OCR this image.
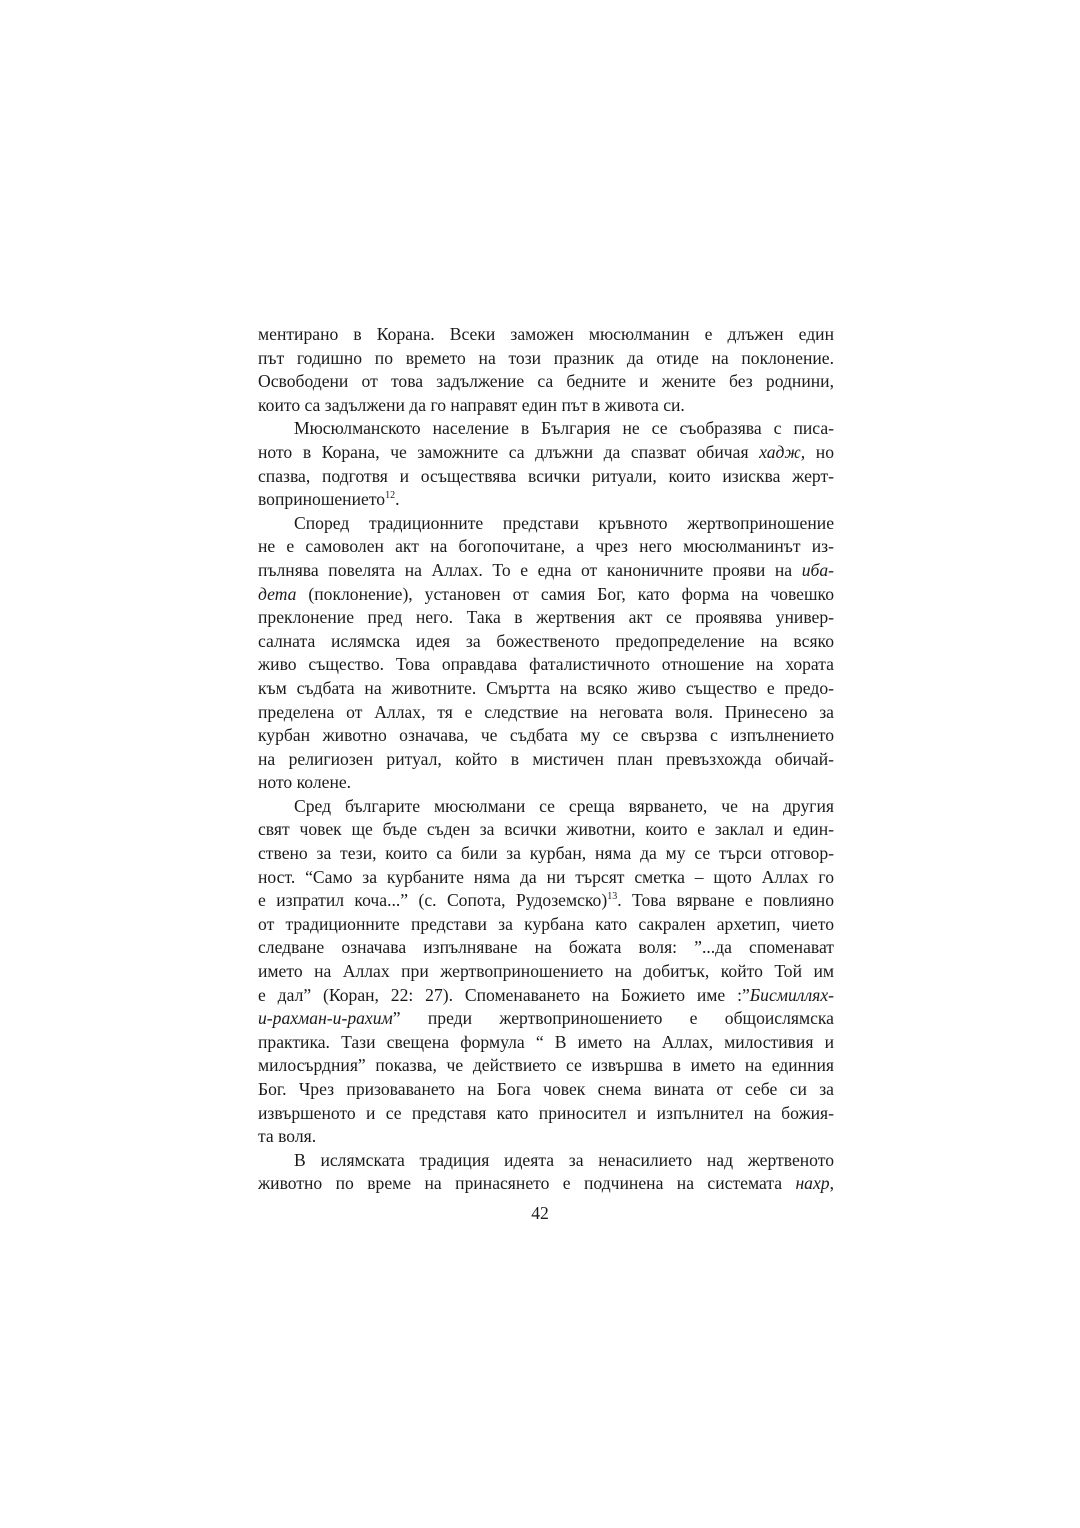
ментирано в Корана. Всеки заможен мюсюлманин е длъжен един
път годишно по времето на този празник да отиде на поклонение.
Освободени от това задължение са бедните и жените без роднини,
които са задължени да го направят един път в живота си.

Мюсюлманското население в България не се съобразява с писа-
ното в Корана, че заможните са длъжни да спазват обичая хадж, но
спазва, подготвя и осъществява всички ритуали, които изисква жерт-
воприношението$^{12}$.

Според традиционните представи кръвното жертвоприношение
не е самоволен акт на богопочитане, а чрез него мюсюлманинът из-
пълнява повелята на Аллах. То е една от каноничните прояви на иба-
дета (поклонение), установен от самия Бог, като форма на човешко
преклонение пред него. Така в жертвения акт се проявява универ-
салната ислямска идея за божественото предопределение на всяко
живо същество. Това оправдава фаталистичното отношение на хората
към съдбата на животните. Смъртта на всяко живо същество е предо-
пределена от Аллах, тя е следствие на неговата воля. Принесено за
курбан животно означава, че съдбата му се свързва с изпълнението
на религиозен ритуал, който в мистичен план превъзхожда обичай-
ното колене.

Сред българите мюсюлмани се среща вярването, че на другия
свят човек ще бъде съден за всички животни, които е заклал и един-
ствено за тези, които са били за курбан, няма да му се търси отговор-
ност. “Само за курбаните няма да ни търсят сметка – щото Аллах го
е изпратил коча...” (с. Сопота, Рудоземско)$^{13}$. Това вярване е повлияно
от традиционните представи за курбана като сакрален архетип, чието
следване означава изпълняване на божата воля: ”...да споменават
името на Аллах при жертвоприношението на добитък, който Той им
е дал” (Коран, 22: 27). Споменаването на Божието име :”Бисмиллях-
и-рахман-и-рахим” преди жертвоприношението е общоислямска
практика. Тази свещена формула “ В името на Аллах, милостивия и
милосърдния” показва, че действието се извършва в името на единния
Бог. Чрез призоваването на Бога човек снема вината от себе си за
извършеното и се представя като приносител и изпълнител на божия-
та воля.

В ислямската традиция идеята за ненасилието над жертвеното
животно по време на принасянето е подчинена на системата нахр,

42
